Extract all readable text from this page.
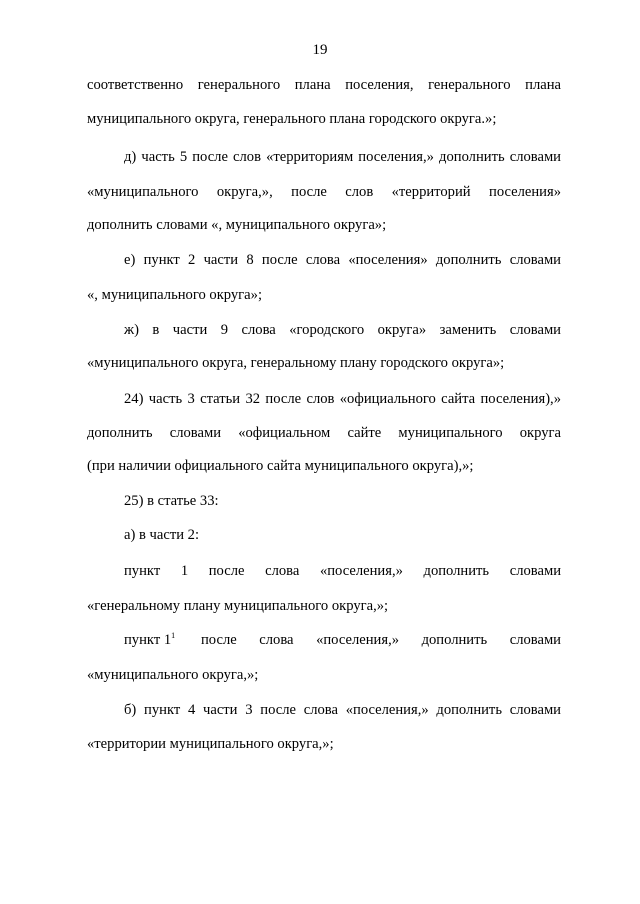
19
соответственно генерального плана поселения, генерального плана
муниципального округа, генерального плана городского округа.»;
д) часть 5 после слов «территориям поселения,» дополнить словами
«муниципального округа,», после слов «территорий поселения»
дополнить словами «, муниципального округа»;
е) пункт 2 части 8 после слова «поселения» дополнить словами
«, муниципального округа»;
ж) в части 9 слова «городского округа» заменить словами
«муниципального округа, генеральному плану городского округа»;
24) часть 3 статьи 32 после слов «официального сайта поселения),»
дополнить словами «официальном сайте муниципального округа
(при наличии официального сайта муниципального округа),»;
25) в статье 33:
а) в части 2:
пункт 1 после слова «поселения,» дополнить словами
«генеральному плану муниципального округа,»;
пункт $1^1$ после слова «поселения,» дополнить словами
«муниципального округа,»;
б) пункт 4 части 3 после слова «поселения,» дополнить словами
«территории муниципального округа,»;
